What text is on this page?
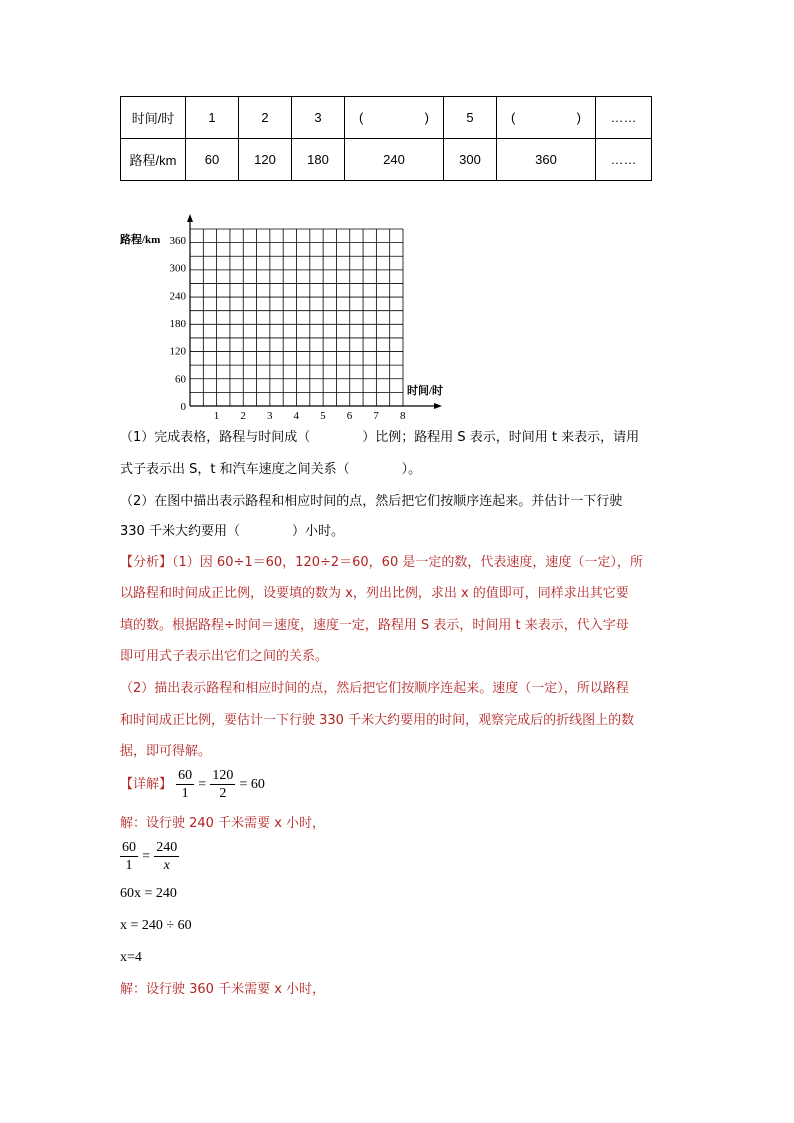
时间/时	1	2	3	( )	5	( )	……
路程/km	60	120	180	240	300	360	……
路程/km
时间/时
0
60
120
180
240
300
360
1 2 3 4 5 6 7 8
（1）完成表格，路程与时间成（　　　　）比例；路程用 S 表示，时间用 t 来表示，请用
式子表示出 S，t 和汽车速度之间关系（　　　　）。
（2）在图中描出表示路程和相应时间的点，然后把它们按顺序连起来。并估计一下行驶
330 千米大约要用（　　　　）小时。
【分析】（1）因 60÷1＝60，120÷2＝60，60 是一定的数，代表速度，速度（一定），所
以路程和时间成正比例，设要填的数为 x，列出比例，求出 x 的值即可，同样求出其它要
填的数。根据路程÷时间＝速度，速度一定，路程用 S 表示，时间用 t 来表示，代入字母
即可用式子表示出它们之间的关系。
（2）描出表示路程和相应时间的点，然后把它们按顺序连起来。速度（一定），所以路程
和时间成正比例，要估计一下行驶 330 千米大约要用的时间，观察完成后的折线图上的数
据，即可得解。
【详解】 $\frac{60}{1} = \frac{120}{2} = 60$
解：设行驶 240 千米需要 x 小时，
$\frac{60}{1} = \frac{240}{x}$
60x = 240
x = 240 ÷ 60
x=4
解：设行驶 360 千米需要 x 小时，
